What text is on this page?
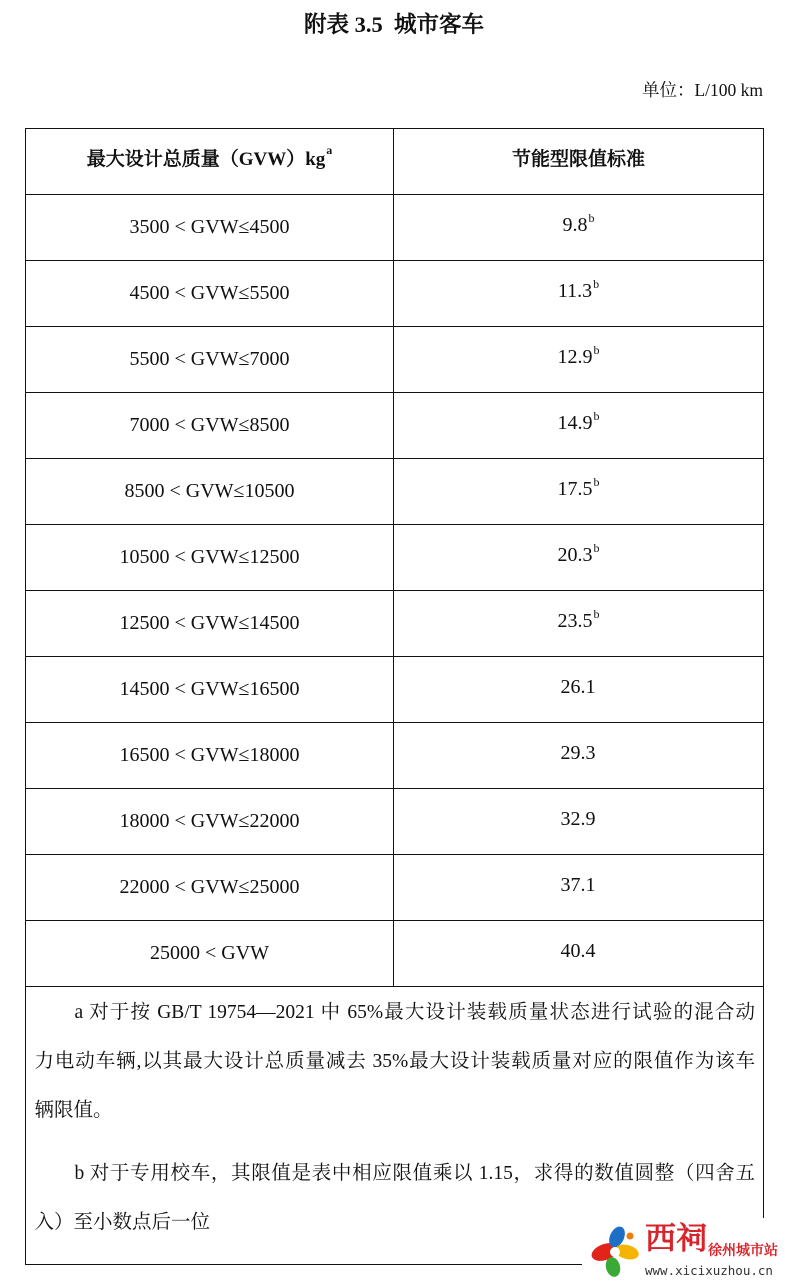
附表 3.5  城市客车
单位：L/100 km
最大设计总质量（GVW）kg a	节能型限值标准
3500 < GVW≤4500	9.8 b
4500 < GVW≤5500	11.3 b
5500 < GVW≤7000	12.9 b
7000 < GVW≤8500	14.9 b
8500 < GVW≤10500	17.5 b
10500 < GVW≤12500	20.3 b
12500 < GVW≤14500	23.5 b
14500 < GVW≤16500	26.1
16500 < GVW≤18000	29.3
18000 < GVW≤22000	32.9
22000 < GVW≤25000	37.1
25000 < GVW	40.4
a 对于按 GB/T 19754—2021 中 65%最大设计装载质量状态进行试验的混合动
力电动车辆,以其最大设计总质量减去 35%最大设计装载质量对应的限值作为该车
辆限值。
b 对于专用校车，其限值是表中相应限值乘以 1.15，求得的数值圆整（四舍五
入）至小数点后一位	西祠 徐州城市站
www.xicixuzhou.cn
